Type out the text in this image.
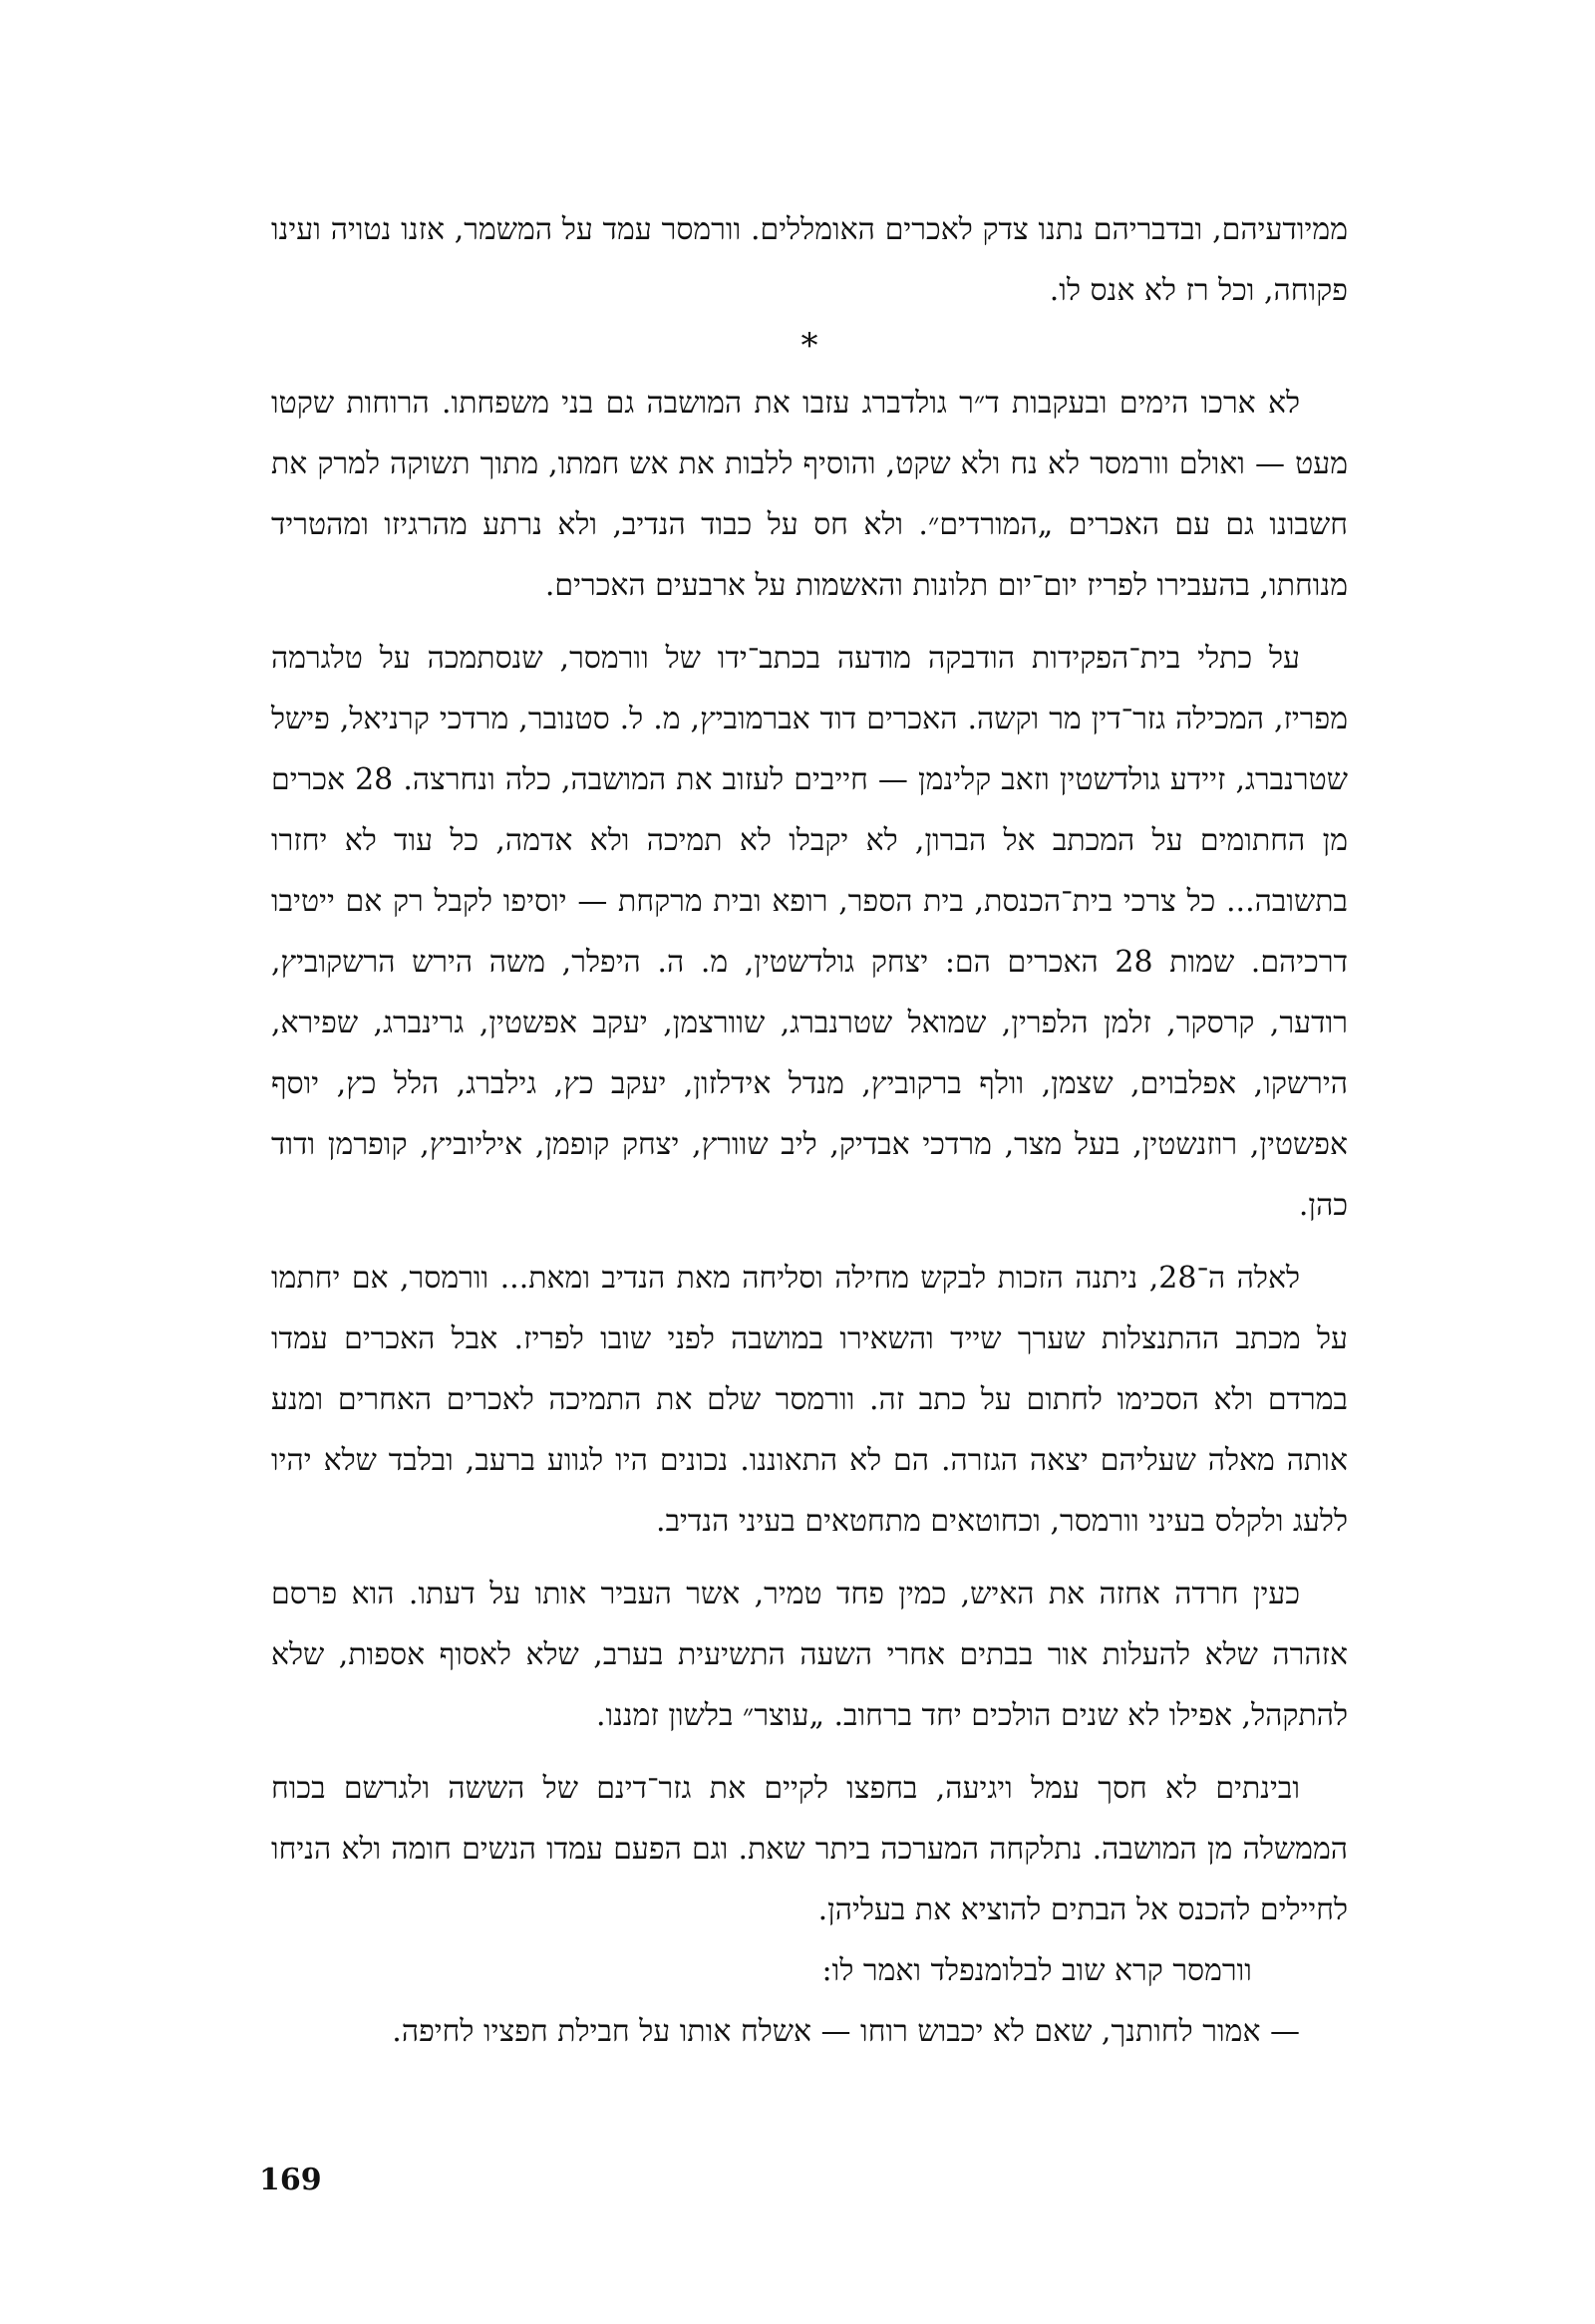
ממיודעיהם, ובדבריהם נתנו צדק לאכרים האומללים. וורמסר עמד על המשמר, אזנו נטויה ועינו פקוחה, וכל רז לא אנס לו.

*

לא ארכו הימים ובעקבות ד״ר גולדברג עזבו את המושבה גם בני משפחתו. הרוחות שקטו מעט — ואולם וורמסר לא נח ולא שקט, והוסיף ללבות את אש חמתו, מתוך תשוקה למרק את חשבונו גם עם האכרים „המורדים״. ולא חס על כבוד הנדיב, ולא נרתע מהרגיזו ומהטריד מנוחתו, בהעבירו לפריז יום־יום תלונות והאשמות על ארבעים האכרים.

על כתלי בית־הפקידות הודבקה מודעה בכתב־ידו של וורמסר, שנסתמכה על טלגרמה מפריז, המכילה גזר־דין מר וקשה. האכרים דוד אברמוביץ, מ. ל. סטנובר, מרדכי קרניאל, פישל שטרנברג, זיידע גולדשטין וזאב קלינמן — חייבים לעזוב את המושבה, כלה ונחרצה. 28 אכרים מן החתומים על המכתב אל הברון, לא יקבלו לא תמיכה ולא אדמה, כל עוד לא יחזרו בתשובה... כל צרכי בית־הכנסת, בית הספר, רופא ובית מרקחת — יוסיפו לקבל רק אם ייטיבו דרכיהם. שמות 28 האכרים הם: יצחק גולדשטין, מ. ה. היפלר, משה הירש הרשקוביץ, רודער, קרסקר, זלמן הלפרין, שמואל שטרנברג, שוורצמן, יעקב אפשטין, גרינברג, שפירא, הירשקו, אפלבוים, שצמן, וולף ברקוביץ, מנדל אידלזון, יעקב כץ, גילברג, הלל כץ, יוסף אפשטין, רוזנשטין, בעל מצר, מרדכי אבדיק, ליב שוורץ, יצחק קופמן, איליוביץ, קופרמן ודוד כהן.

לאלה ה־28, ניתנה הזכות לבקש מחילה וסליחה מאת הנדיב ומאת... וורמסר, אם יחתמו על מכתב ההתנצלות שערך שייד והשאירו במושבה לפני שובו לפריז. אבל האכרים עמדו במרדם ולא הסכימו לחתום על כתב זה. וורמסר שלם את התמיכה לאכרים האחרים ומנע אותה מאלה שעליהם יצאה הגזרה. הם לא התאוננו. נכונים היו לגווע ברעב, ובלבד שלא יהיו ללעג ולקלס בעיני וורמסר, וכחוטאים מתחטאים בעיני הנדיב.

כעין חרדה אחזה את האיש, כמין פחד טמיר, אשר העביר אותו על דעתו. הוא פרסם אזהרה שלא להעלות אור בבתים אחרי השעה התשיעית בערב, שלא לאסוף אספות, שלא להתקהל, אפילו לא שנים הולכים יחד ברחוב. „עוצר״ בלשון זמננו.

ובינתים לא חסך עמל ויגיעה, בחפצו לקיים את גזר־דינם של הששה ולגרשם בכוח הממשלה מן המושבה. נתלקחה המערכה ביתר שאת. וגם הפעם עמדו הנשים חומה ולא הניחו לחיילים להכנס אל הבתים להוציא את בעליהן.

וורמסר קרא שוב לבלומנפלד ואמר לו:

— אמור לחותנך, שאם לא יכבוש רוחו — אשלח אותו על חבילת חפציו לחיפה.

169
